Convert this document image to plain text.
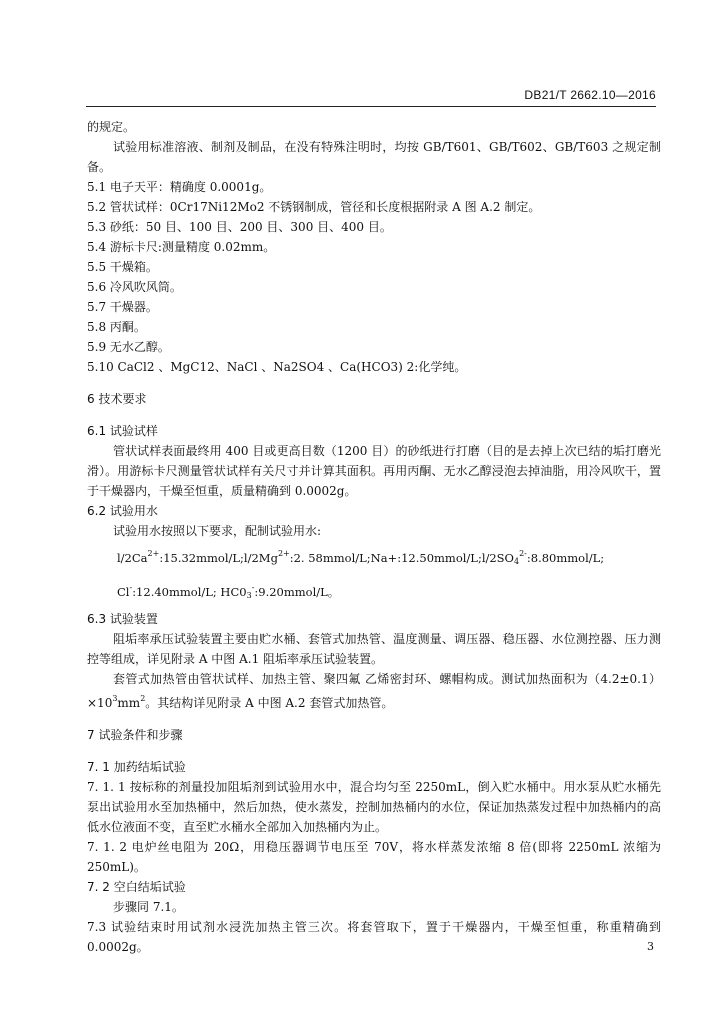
DB21/T 2662.10—2016
的规定。
试验用标准溶液、制剂及制品，在没有特殊注明时，均按 GB/T601、GB/T602、GB/T603 之规定制备。
5.1 电子天平：精确度 0.0001g。
5.2 管状试样：0Cr17Ni12Mo2 不锈钢制成，管径和长度根据附录 A 图 A.2 制定。
5.3 砂纸：50 目、100 目、200 目、300 目、400 目。
5.4 游标卡尺:测量精度 0.02mm。
5.5 干燥箱。
5.6 冷风吹风筒。
5.7 干燥器。
5.8 丙酮。
5.9 无水乙醇。
5.10 CaCl2 、MgC12、NaCl 、Na2SO4 、Ca(HCO3) 2:化学纯。
6 技术要求
6.1 试验试样
管状试样表面最终用 400 目或更高目数（1200 目）的砂纸进行打磨（目的是去掉上次已结的垢打磨光滑）。用游标卡尺测量管状试样有关尺寸并计算其面积。再用丙酮、无水乙醇浸泡去掉油脂，用冷风吹干，置于干燥器内，干燥至恒重，质量精确到 0.0002g。
6.2 试验用水
试验用水按照以下要求，配制试验用水:
$l/2Ca^{2+}:15.32mmol/L;l/2Mg^{2+}:2$. $58mmol/L;Na+:12.50mmol/L;l/2SO_4^{2-}:8.80mmol/L$;
Cl-:12.40mmol/L; $HC0_3^-:9.20mmol/L$。
6.3 试验装置
阻垢率承压试验装置主要由贮水桶、套管式加热管、温度测量、调压器、稳压器、水位测控器、压力测控等组成，详见附录 A 中图 A.1 阻垢率承压试验装置。
套管式加热管由管状试样、加热主管、聚四氟 乙烯密封环、螺帽构成。测试加热面积为$(4.2\pm 0.1)\times 10^3mm^2$。其结构详见附录 A 中图 A.2 套管式加热管。
7 试验条件和步骤
7. 1 加药结垢试验
7. 1. 1 按标称的剂量投加阻垢剂到试验用水中，混合均匀至 2250mL，倒入贮水桶中。用水泵从贮水桶先泵出试验用水至加热桶中，然后加热，使水蒸发，控制加热桶内的水位，保证加热蒸发过程中加热桶内的高低水位液面不变，直至贮水桶水全部加入加热桶内为止。
7. 1. 2 电炉丝电阻为 20Ω，用稳压器调节电压至 70V，将水样蒸发浓缩 8 倍(即将 2250mL 浓缩为 250mL)。
7. 2 空白结垢试验
步骤同 7.1。
7.3 试验结束时用试剂水浸洗加热主管三次。将套管取下，置于干燥器内，干燥至恒重，称重精确到 0.0002g。	3
